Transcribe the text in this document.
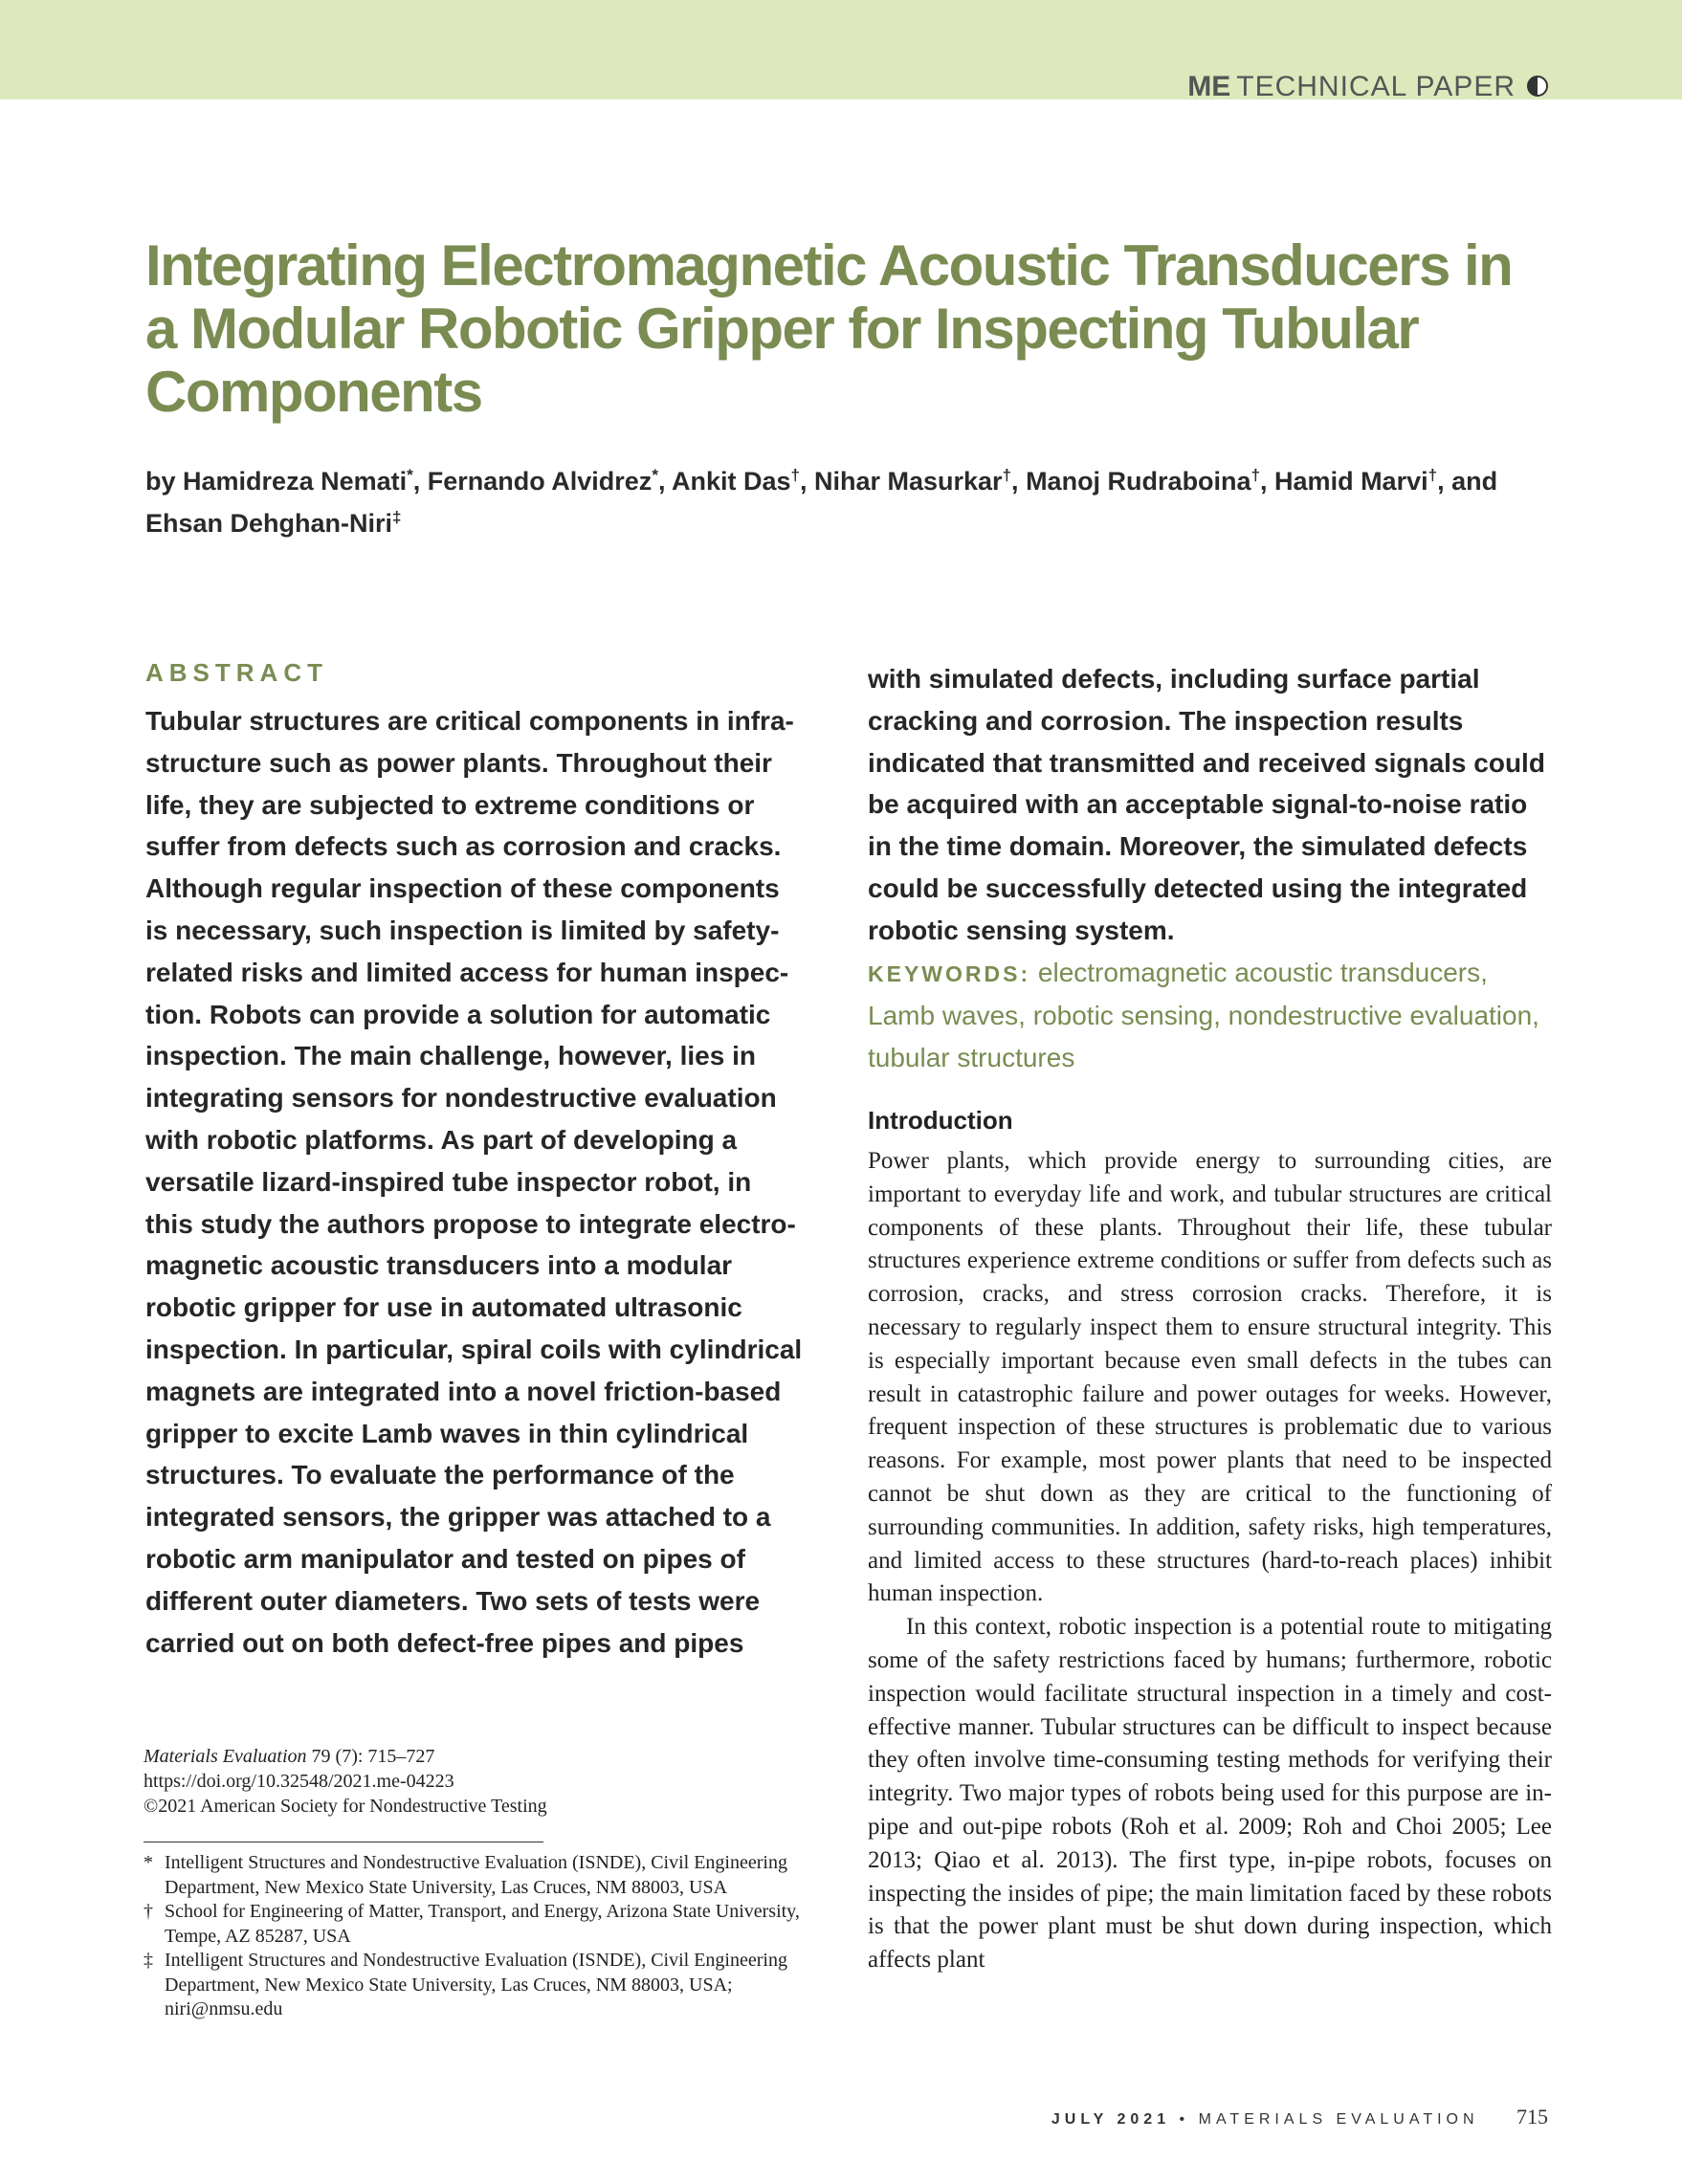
ME TECHNICAL PAPER
Integrating Electromagnetic Acoustic Transducers in a Modular Robotic Gripper for Inspecting Tubular Components
by Hamidreza Nemati*, Fernando Alvidrez*, Ankit Das†, Nihar Masurkar†, Manoj Rudraboina†, Hamid Marvi†, and
Ehsan Dehghan-Niri‡
ABSTRACT

Tubular structures are critical components in infrastructure such as power plants. Throughout their life, they are subjected to extreme conditions or suffer from defects such as corrosion and cracks. Although regular inspection of these components is necessary, such inspection is limited by safety-related risks and limited access for human inspection. Robots can provide a solution for automatic inspection. The main challenge, however, lies in integrating sensors for nondestructive evaluation with robotic platforms. As part of developing a versatile lizard-inspired tube inspector robot, in this study the authors propose to integrate electromagnetic acoustic transducers into a modular robotic gripper for use in automated ultrasonic inspection. In particular, spiral coils with cylindrical magnets are integrated into a novel friction-based gripper to excite Lamb waves in thin cylindrical structures. To evaluate the performance of the integrated sensors, the gripper was attached to a robotic arm manipulator and tested on pipes of different outer diameters. Two sets of tests were carried out on both defect-free pipes and pipes

with simulated defects, including surface partial cracking and corrosion. The inspection results indicated that transmitted and received signals could be acquired with an acceptable signal-to-noise ratio in the time domain. Moreover, the simulated defects could be successfully detected using the integrated robotic sensing system.

KEYWORDS: electromagnetic acoustic transducers, Lamb waves, robotic sensing, nondestructive evaluation, tubular structures

Introduction

Power plants, which provide energy to surrounding cities, are important to everyday life and work, and tubular structures are critical components of these plants. Throughout their life, these tubular structures experience extreme conditions or suffer from defects such as corrosion, cracks, and stress corrosion cracks. Therefore, it is necessary to regularly inspect them to ensure structural integrity. This is especially important because even small defects in the tubes can result in catastrophic failure and power outages for weeks. However, frequent inspection of these structures is problematic due to various reasons. For example, most power plants that need to be inspected cannot be shut down as they are critical to the functioning of surrounding communities. In addition, safety risks, high temperatures, and limited access to these structures (hard-to-reach places) inhibit human inspection.

In this context, robotic inspection is a potential route to mitigating some of the safety restrictions faced by humans; furthermore, robotic inspection would facilitate structural inspection in a timely and cost-effective manner. Tubular structures can be difficult to inspect because they often involve time-consuming testing methods for verifying their integrity. Two major types of robots being used for this purpose are in-pipe and out-pipe robots (Roh et al. 2009; Roh and Choi 2005; Lee 2013; Qiao et al. 2013). The first type, in-pipe robots, focuses on inspecting the insides of pipe; the main limitation faced by these robots is that the power plant must be shut down during inspection, which affects plant

Materials Evaluation 79 (7): 715–727
https://doi.org/10.32548/2021.me-04223
©2021 American Society for Nondestructive Testing
* Intelligent Structures and Nondestructive Evaluation (ISNDE), Civil Engineering Department, New Mexico State University, Las Cruces, NM 88003, USA
† School for Engineering of Matter, Transport, and Energy, Arizona State University, Tempe, AZ 85287, USA
‡ Intelligent Structures and Nondestructive Evaluation (ISNDE), Civil Engineering Department, New Mexico State University, Las Cruces, NM 88003, USA; niri@nmsu.edu
JULY 2021 • MATERIALS EVALUATION 715
